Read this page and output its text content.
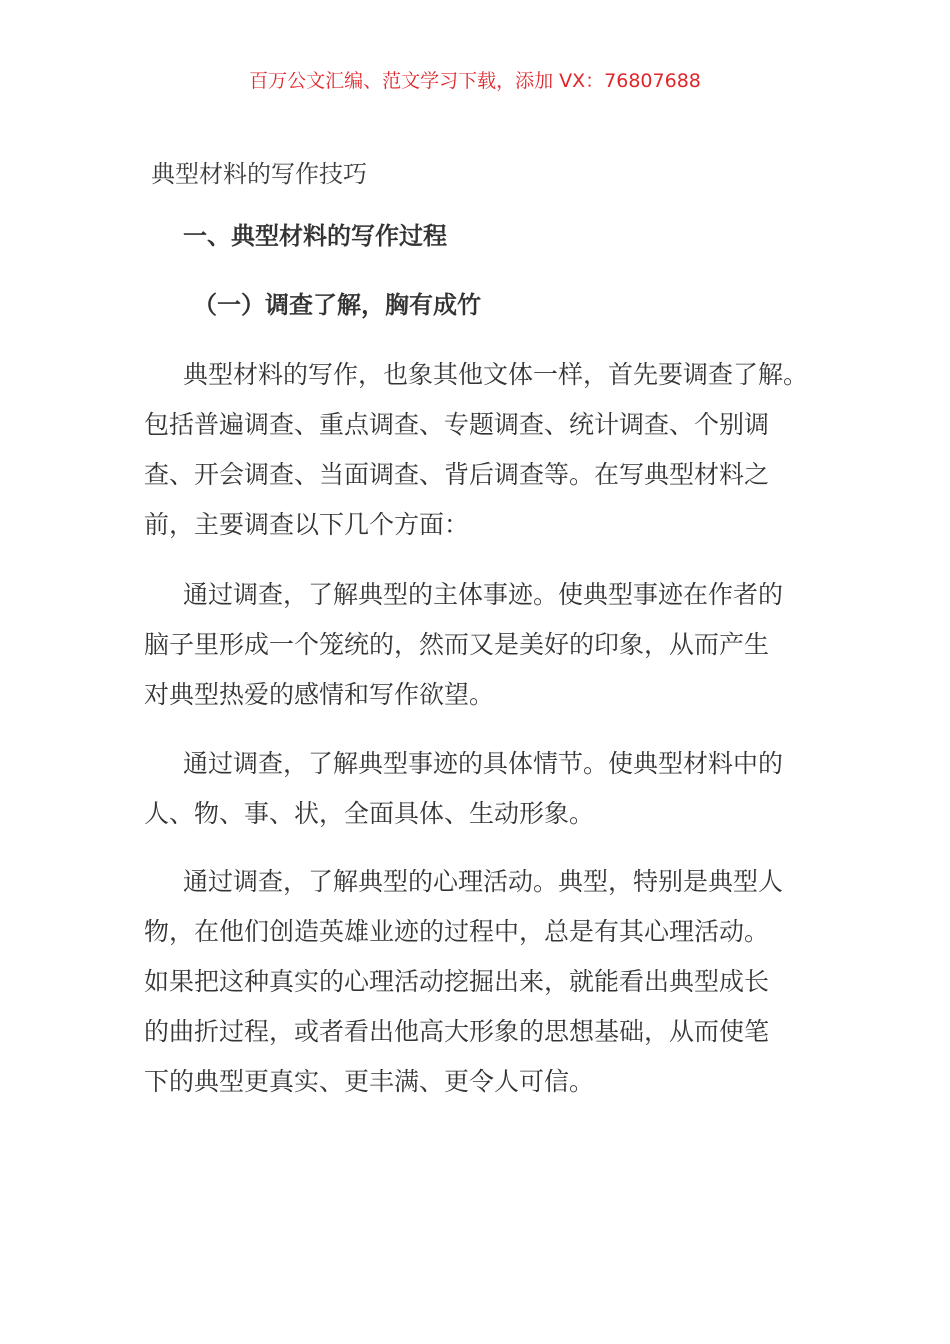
百万公文汇编、范文学习下载，添加 VX：76807688
典型材料的写作技巧
一、典型材料的写作过程
（一）调查了解，胸有成竹
典型材料的写作，也象其他文体一样，首先要调查了解。
包括普遍调查、重点调查、专题调查、统计调查、个别调
查、开会调查、当面调查、背后调查等。在写典型材料之
前，主要调查以下几个方面：
通过调查，了解典型的主体事迹。使典型事迹在作者的
脑子里形成一个笼统的，然而又是美好的印象，从而产生
对典型热爱的感情和写作欲望。
通过调查，了解典型事迹的具体情节。使典型材料中的
人、物、事、状，全面具体、生动形象。
通过调查，了解典型的心理活动。典型，特别是典型人
物，在他们创造英雄业迹的过程中，总是有其心理活动。
如果把这种真实的心理活动挖掘出来，就能看出典型成长
的曲折过程，或者看出他高大形象的思想基础，从而使笔
下的典型更真实、更丰满、更令人可信。
